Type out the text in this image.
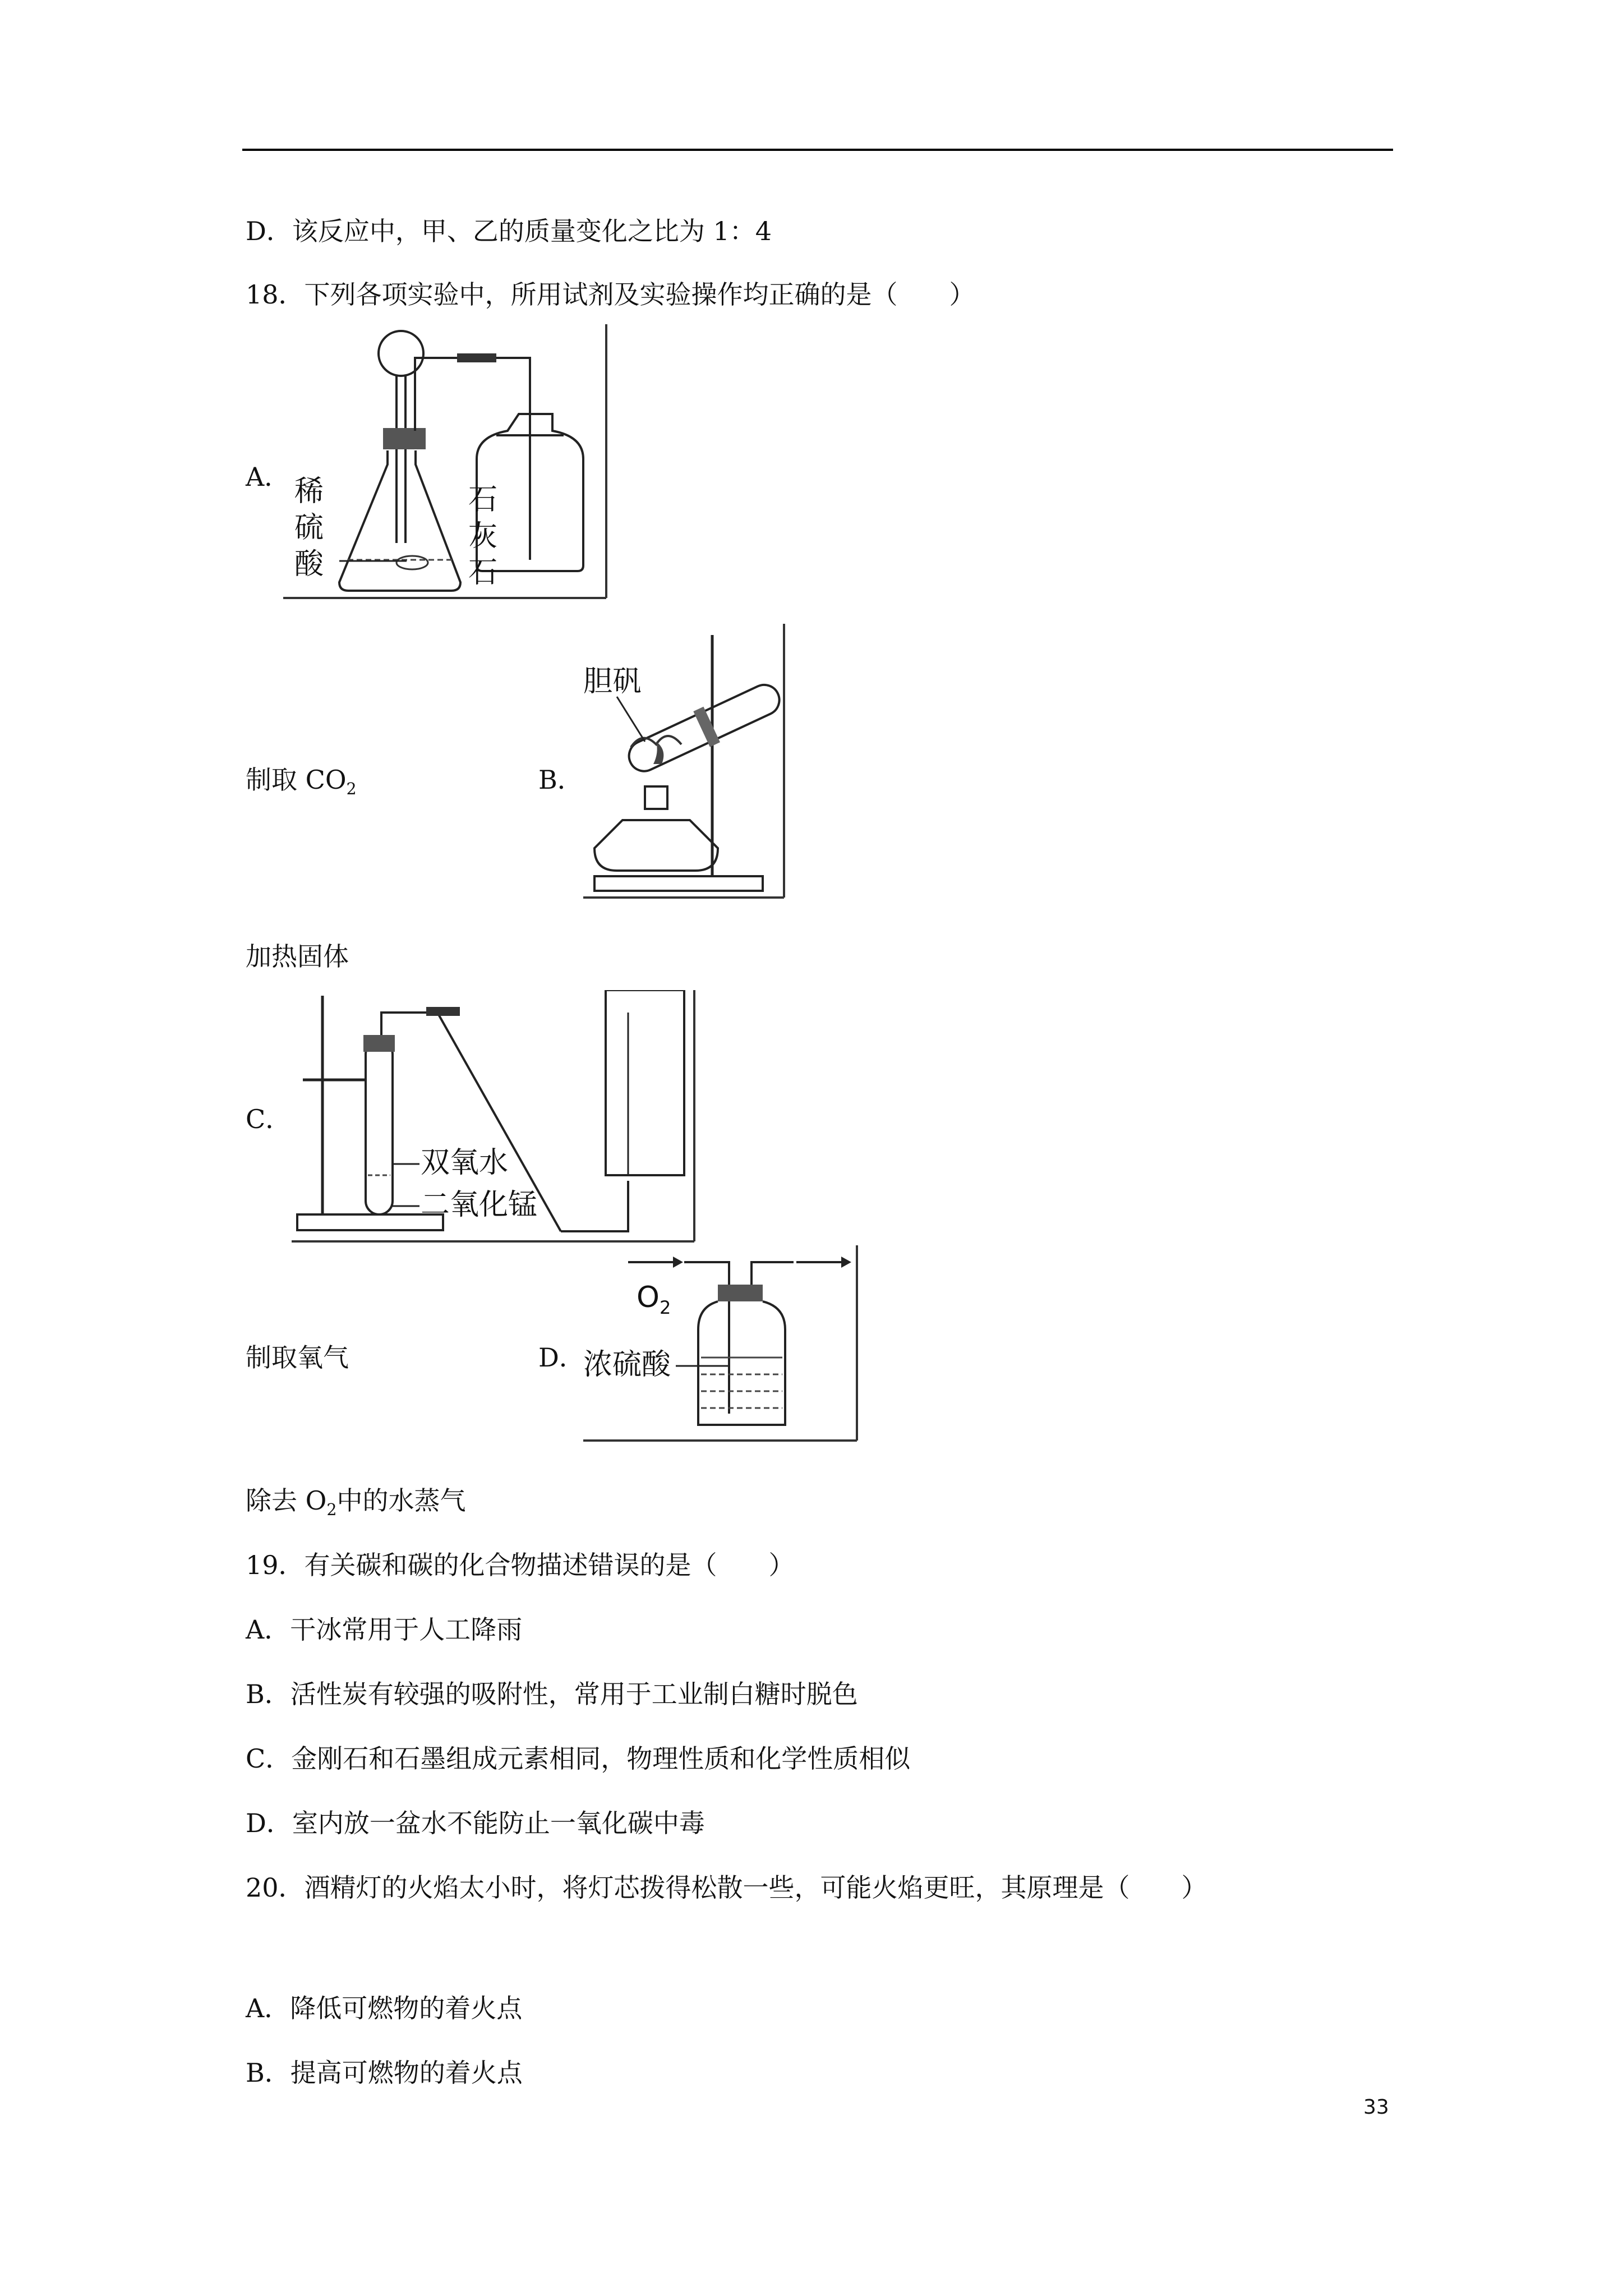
D．该反应中，甲、乙的质量变化之比为 1：4
18．下列各项实验中，所用试剂及实验操作均正确的是（　　）
A． 稀
硫
酸
石
灰
石
制取 $CO_2$	B．
胆矾
加热固体
C．
双氧水
二氧化锰
制取氧气	D．
$O_2$
浓硫酸
除去 $O_2$中的水蒸气
19．有关碳和碳的化合物描述错误的是（　　）
A．干冰常用于人工降雨
B．活性炭有较强的吸附性，常用于工业制白糖时脱色
C．金刚石和石墨组成元素相同，物理性质和化学性质相似
D．室内放一盆水不能防止一氧化碳中毒
20．酒精灯的火焰太小时，将灯芯拨得松散一些，可能火焰更旺，其原理是（　　）
A．降低可燃物的着火点
B．提高可燃物的着火点
33
